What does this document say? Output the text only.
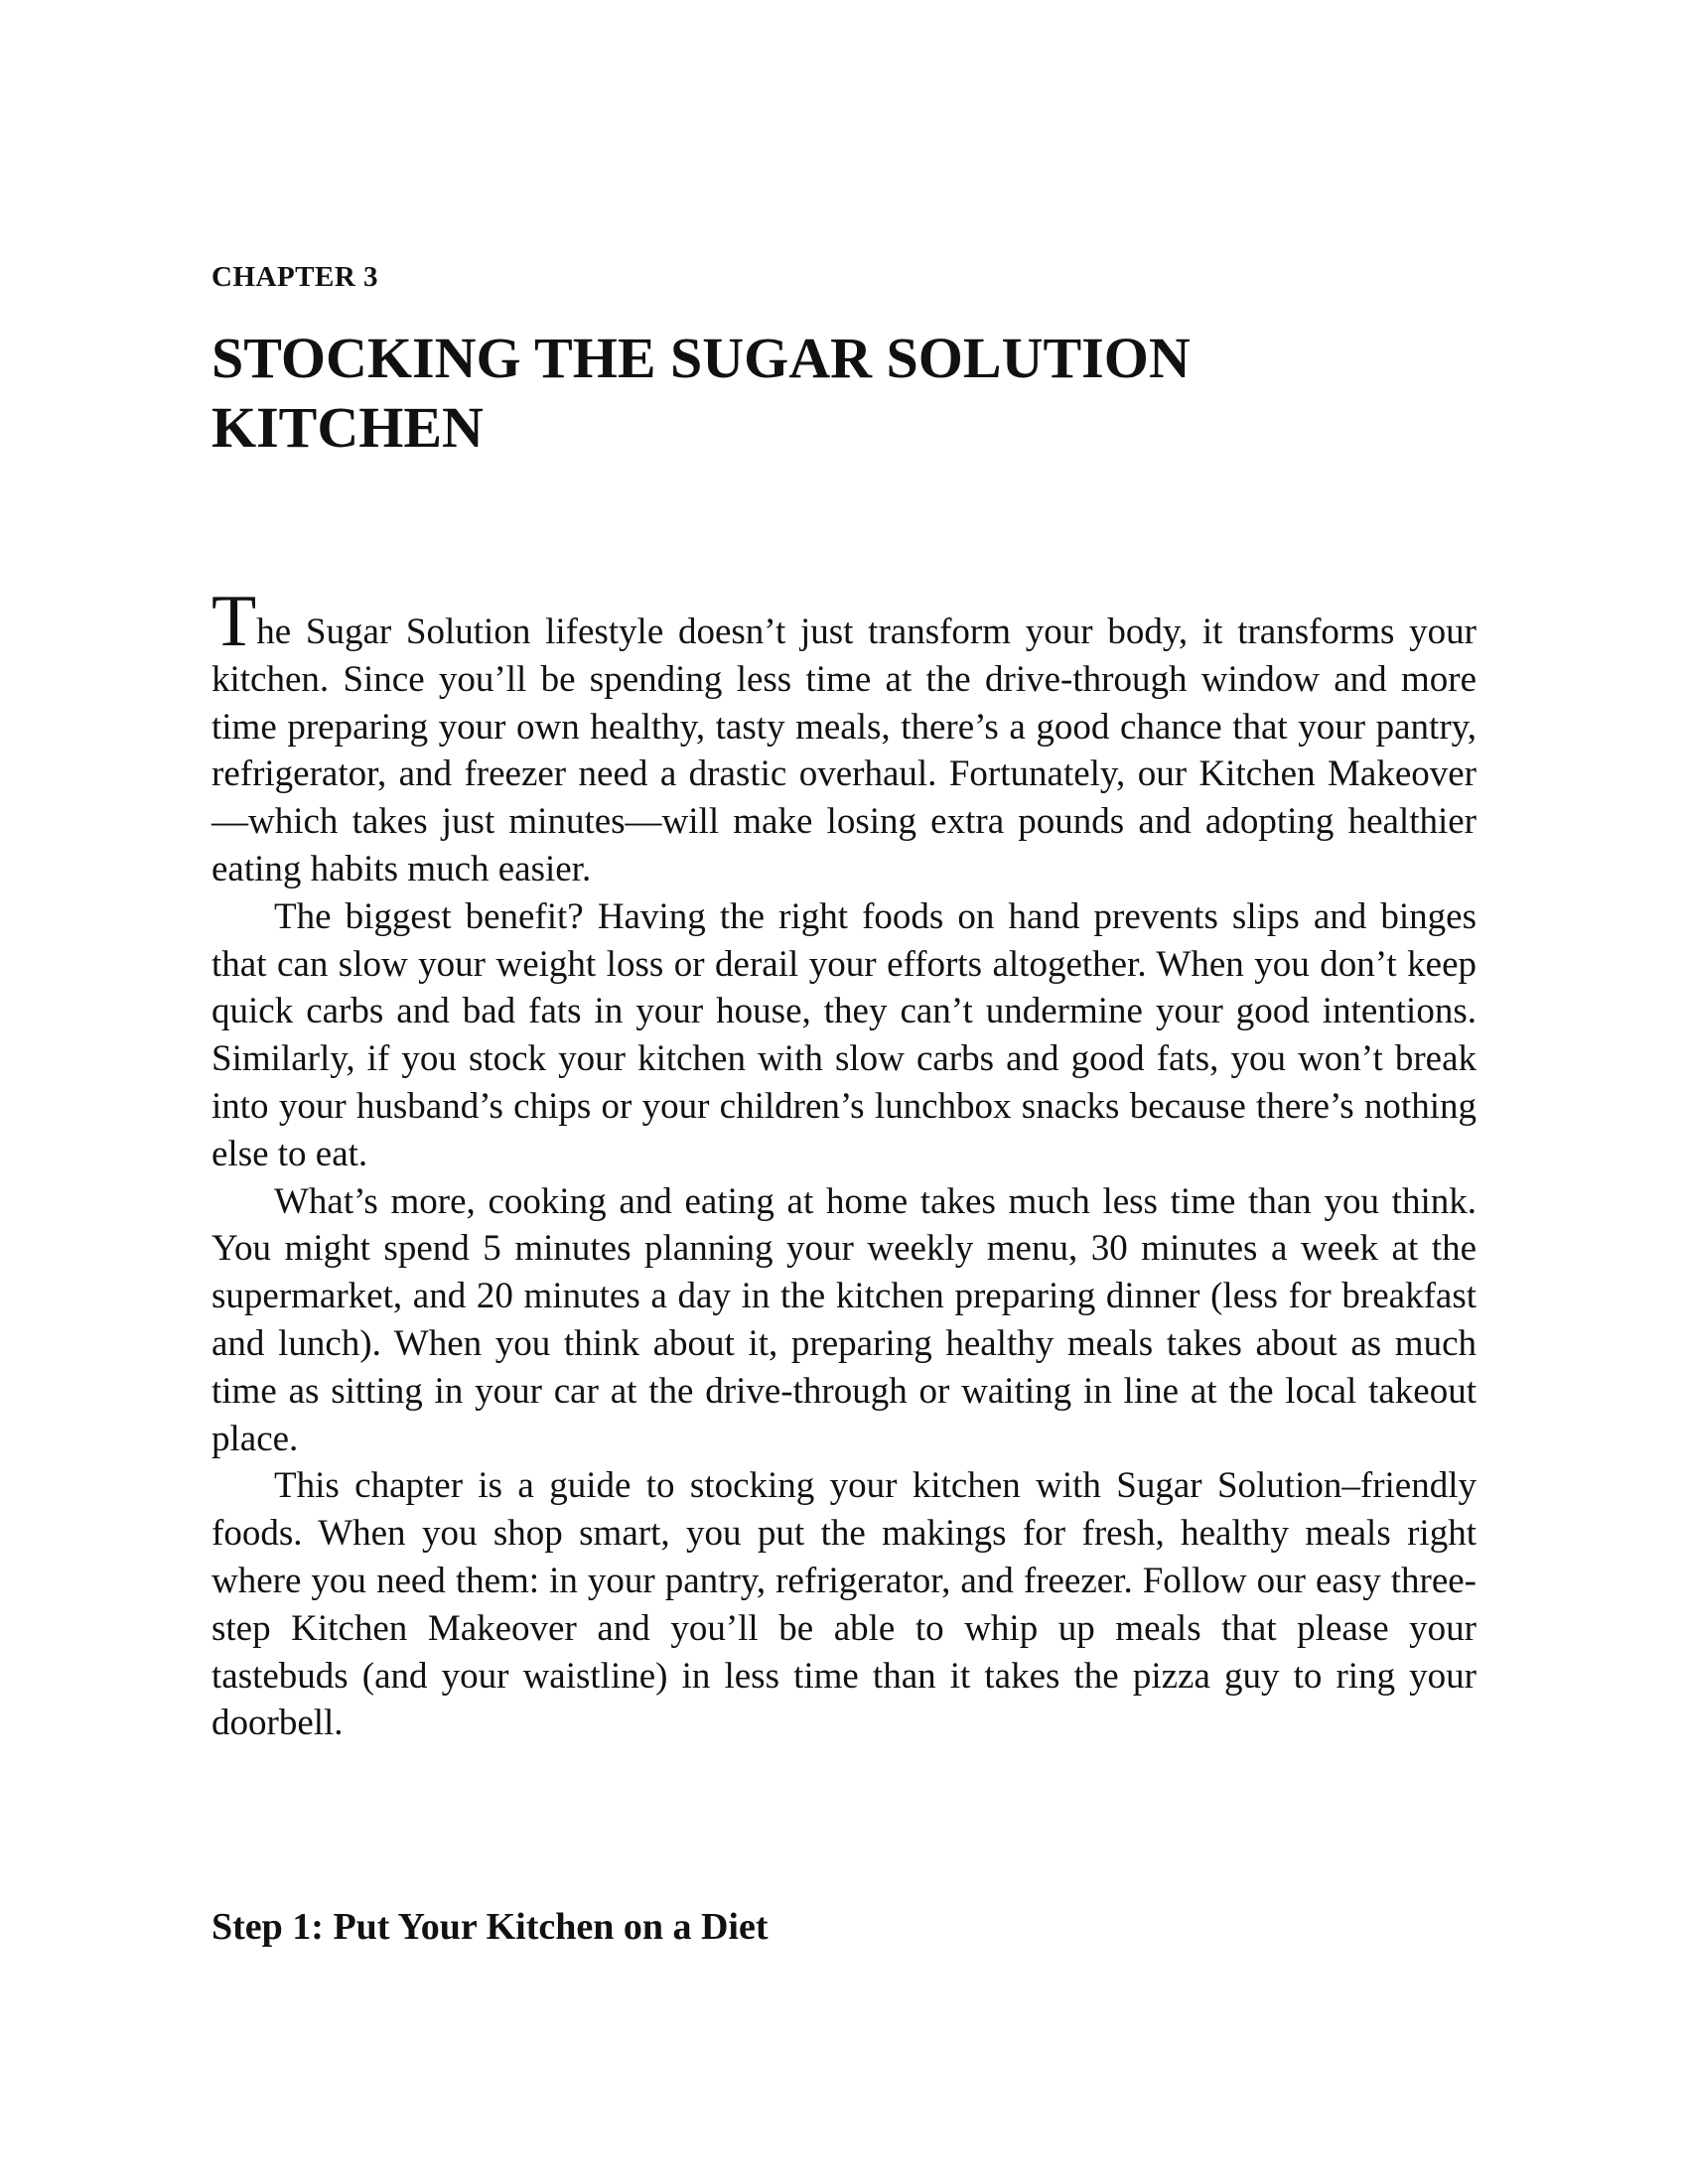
CHAPTER 3
STOCKING THE SUGAR SOLUTION
KITCHEN

The Sugar Solution lifestyle doesn’t just transform your body, it transforms your kitchen. Since you’ll be spending less time at the drive-through window and more time preparing your own healthy, tasty meals, there’s a good chance that your pantry, refrigerator, and freezer need a drastic overhaul. Fortunately, our Kitchen Makeover—which takes just minutes—will make losing extra pounds and adopting healthier eating habits much easier.

The biggest benefit? Having the right foods on hand prevents slips and binges that can slow your weight loss or derail your efforts altogether. When you don’t keep quick carbs and bad fats in your house, they can’t undermine your good intentions. Similarly, if you stock your kitchen with slow carbs and good fats, you won’t break into your husband’s chips or your children’s lunchbox snacks because there’s nothing else to eat.

What’s more, cooking and eating at home takes much less time than you think. You might spend 5 minutes planning your weekly menu, 30 minutes a week at the supermarket, and 20 minutes a day in the kitchen preparing dinner (less for breakfast and lunch). When you think about it, preparing healthy meals takes about as much time as sitting in your car at the drive-through or waiting in line at the local takeout place.

This chapter is a guide to stocking your kitchen with Sugar Solution–friendly foods. When you shop smart, you put the makings for fresh, healthy meals right where you need them: in your pantry, refrigerator, and freezer. Follow our easy three-step Kitchen Makeover and you’ll be able to whip up meals that please your tastebuds (and your waistline) in less time than it takes the pizza guy to ring your doorbell.

Step 1: Put Your Kitchen on a Diet
